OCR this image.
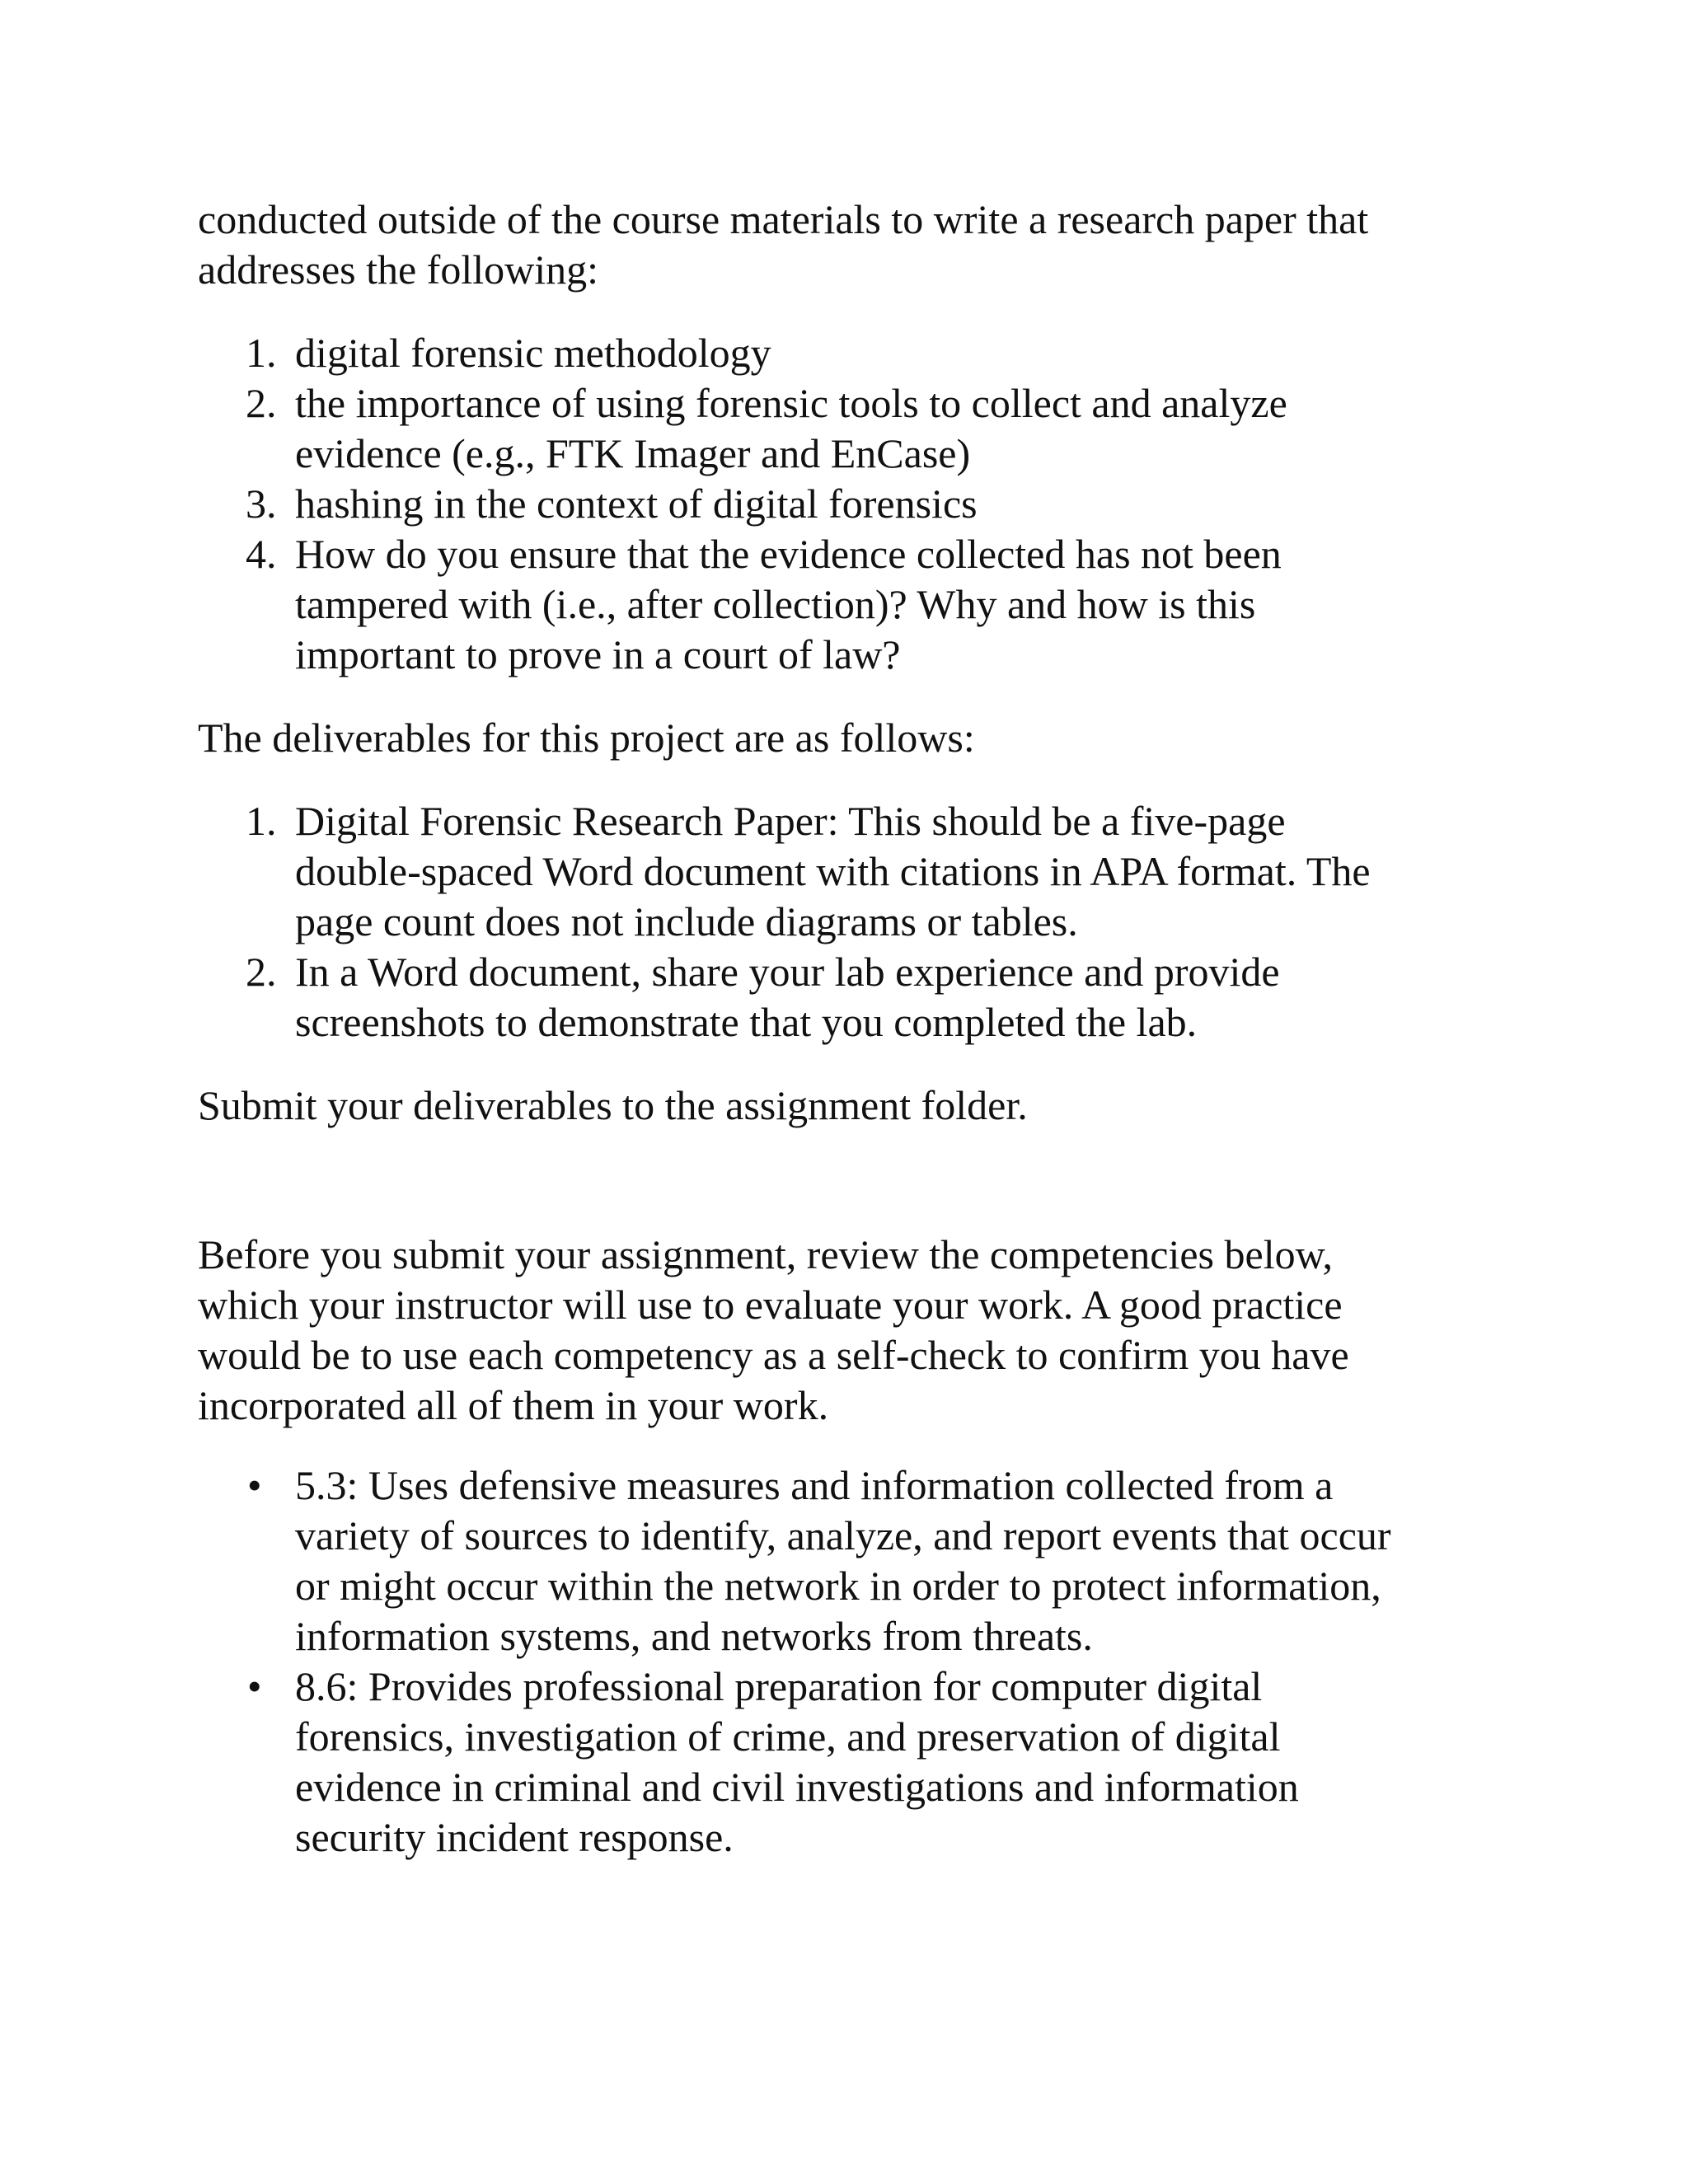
conducted outside of the course materials to write a research paper that
addresses the following:

1. digital forensic methodology
2. the importance of using forensic tools to collect and analyze
evidence (e.g., FTK Imager and EnCase)
3. hashing in the context of digital forensics
4. How do you ensure that the evidence collected has not been
tampered with (i.e., after collection)? Why and how is this
important to prove in a court of law?

The deliverables for this project are as follows:

1. Digital Forensic Research Paper: This should be a five-page
double-spaced Word document with citations in APA format. The
page count does not include diagrams or tables.
2. In a Word document, share your lab experience and provide
screenshots to demonstrate that you completed the lab.

Submit your deliverables to the assignment folder.

Before you submit your assignment, review the competencies below,
which your instructor will use to evaluate your work. A good practice
would be to use each competency as a self-check to confirm you have
incorporated all of them in your work.

• 5.3: Uses defensive measures and information collected from a
variety of sources to identify, analyze, and report events that occur
or might occur within the network in order to protect information,
information systems, and networks from threats.
• 8.6: Provides professional preparation for computer digital
forensics, investigation of crime, and preservation of digital
evidence in criminal and civil investigations and information
security incident response.
